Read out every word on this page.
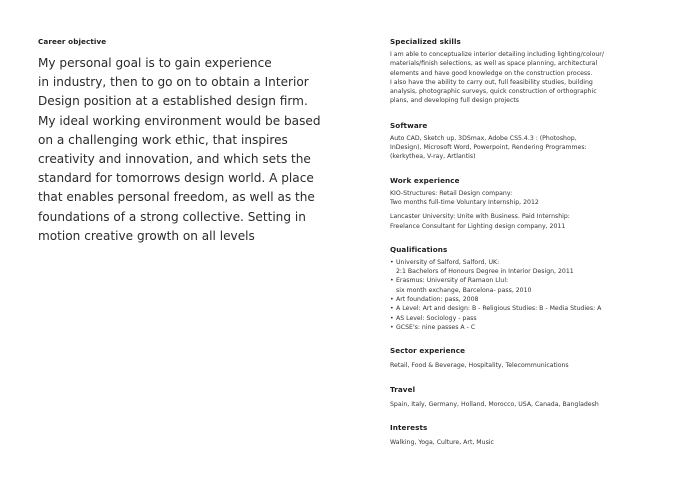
Career objective
My personal goal is to gain experience
in industry, then to go on to obtain a Interior
Design position at a established design firm.
My ideal working environment would be based
on a challenging work ethic, that inspires
creativity and innovation, and which sets the
standard for tomorrows design world. A place
that enables personal freedom, as well as the
foundations of a strong collective. Setting in
motion creative growth on all levels
Specialized skills
I am able to conceptualize interior detailing including lighting/colour/
materials/finish selections, as well as space planning, architectural
elements and have good knowledge on the construction process.
I also have the ability to carry out, full feasibility studies, building
analysis, photographic surveys, quick construction of orthographic
plans, and developing full design projects
Software
Auto CAD, Sketch up, 3DSmax, Adobe CS5.4.3 : (Photoshop,
InDesign), Microsoft Word, Powerpoint, Rendering Programmes:
(kerkythea, V-ray, Artlantis)
Work experience
KIO-Structures: Retail Design company:
Two months full-time Voluntary Internship, 2012
Lancaster University: Unite with Business. Paid Internship:
Freelance Consultant for Lighting design company, 2011
Qualifications
• University of Salford, Salford, UK:
2:1 Bachelors of Honours Degree in Interior Design, 2011
• Erasmus: University of Ramaon Llul:
six month exchange, Barcelona- pass, 2010
• Art foundation: pass, 2008
• A Level: Art and design: B - Religious Studies: B - Media Studies: A
• AS Level: Sociology - pass
• GCSE's: nine passes A - C
Sector experience
Retail, Food & Beverage, Hospitality, Telecommunications
Travel
Spain, Italy, Germany, Holland, Morocco, USA, Canada, Bangladesh
Interests
Walking, Yoga, Culture, Art, Music
